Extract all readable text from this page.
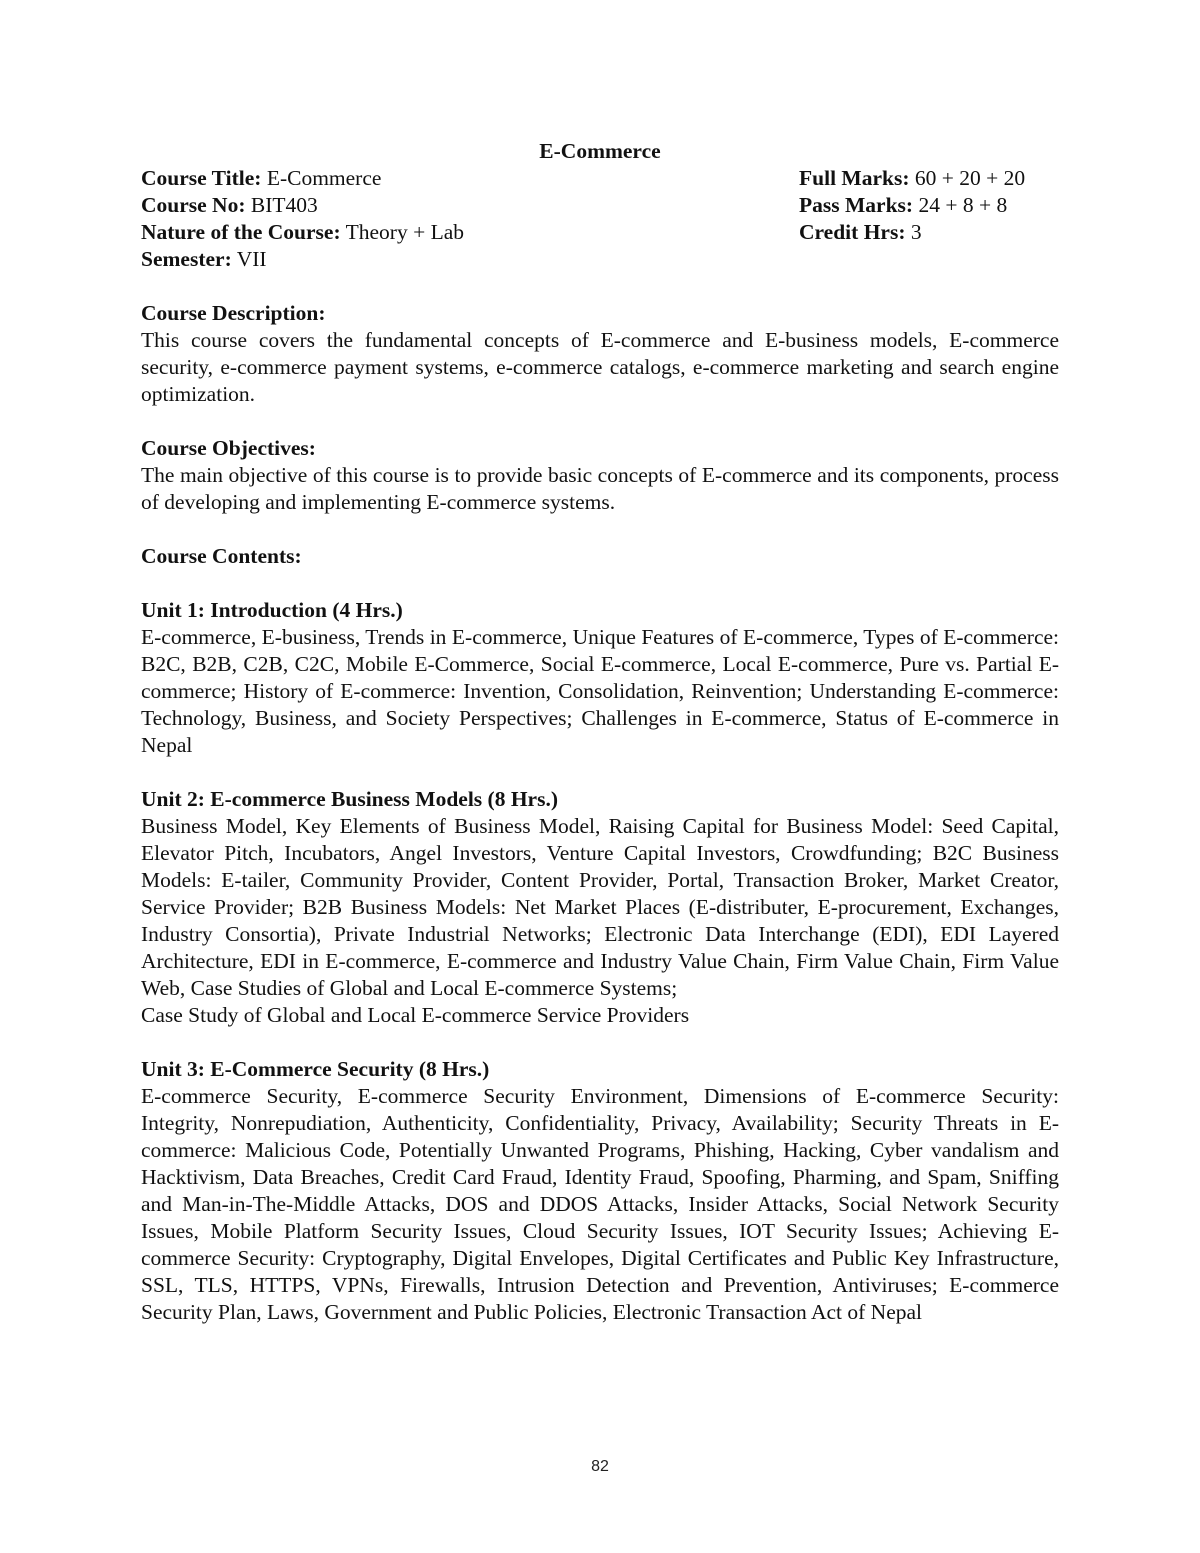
E-Commerce
Course Title: E-Commerce
Course No: BIT403
Nature of the Course: Theory + Lab
Semester: VII
Full Marks: 60 + 20 + 20
Pass Marks: 24 + 8 + 8
Credit Hrs: 3
Course Description:
This course covers the fundamental concepts of E-commerce and E-business models, E-commerce security, e-commerce payment systems, e-commerce catalogs, e-commerce marketing and search engine optimization.
Course Objectives:
The main objective of this course is to provide basic concepts of E-commerce and its components, process of developing and implementing E-commerce systems.
Course Contents:
Unit 1: Introduction (4 Hrs.)
E-commerce, E-business, Trends in E-commerce, Unique Features of E-commerce, Types of E-commerce: B2C, B2B, C2B, C2C, Mobile E-Commerce, Social E-commerce, Local E-commerce, Pure vs. Partial E-commerce; History of E-commerce: Invention, Consolidation, Reinvention; Understanding E-commerce: Technology, Business, and Society Perspectives; Challenges in E-commerce, Status of E-commerce in Nepal
Unit 2: E-commerce Business Models (8 Hrs.)
Business Model, Key Elements of Business Model, Raising Capital for Business Model: Seed Capital, Elevator Pitch, Incubators, Angel Investors, Venture Capital Investors, Crowdfunding; B2C Business Models: E-tailer, Community Provider, Content Provider, Portal, Transaction Broker, Market Creator, Service Provider; B2B Business Models: Net Market Places (E-distributer, E-procurement, Exchanges, Industry Consortia), Private Industrial Networks; Electronic Data Interchange (EDI), EDI Layered Architecture, EDI in E-commerce, E-commerce and Industry Value Chain, Firm Value Chain, Firm Value Web, Case Studies of Global and Local E-commerce Systems;
Case Study of Global and Local E-commerce Service Providers
Unit 3: E-Commerce Security (8 Hrs.)
E-commerce Security, E-commerce Security Environment, Dimensions of E-commerce Security: Integrity, Nonrepudiation, Authenticity, Confidentiality, Privacy, Availability; Security Threats in E-commerce: Malicious Code, Potentially Unwanted Programs, Phishing, Hacking, Cyber vandalism and Hacktivism, Data Breaches, Credit Card Fraud, Identity Fraud, Spoofing, Pharming, and Spam, Sniffing and Man-in-The-Middle Attacks, DOS and DDOS Attacks, Insider Attacks, Social Network Security Issues, Mobile Platform Security Issues, Cloud Security Issues, IOT Security Issues; Achieving E-commerce Security: Cryptography, Digital Envelopes, Digital Certificates and Public Key Infrastructure, SSL, TLS, HTTPS, VPNs, Firewalls, Intrusion Detection and Prevention, Antiviruses; E-commerce Security Plan, Laws, Government and Public Policies, Electronic Transaction Act of Nepal
82
